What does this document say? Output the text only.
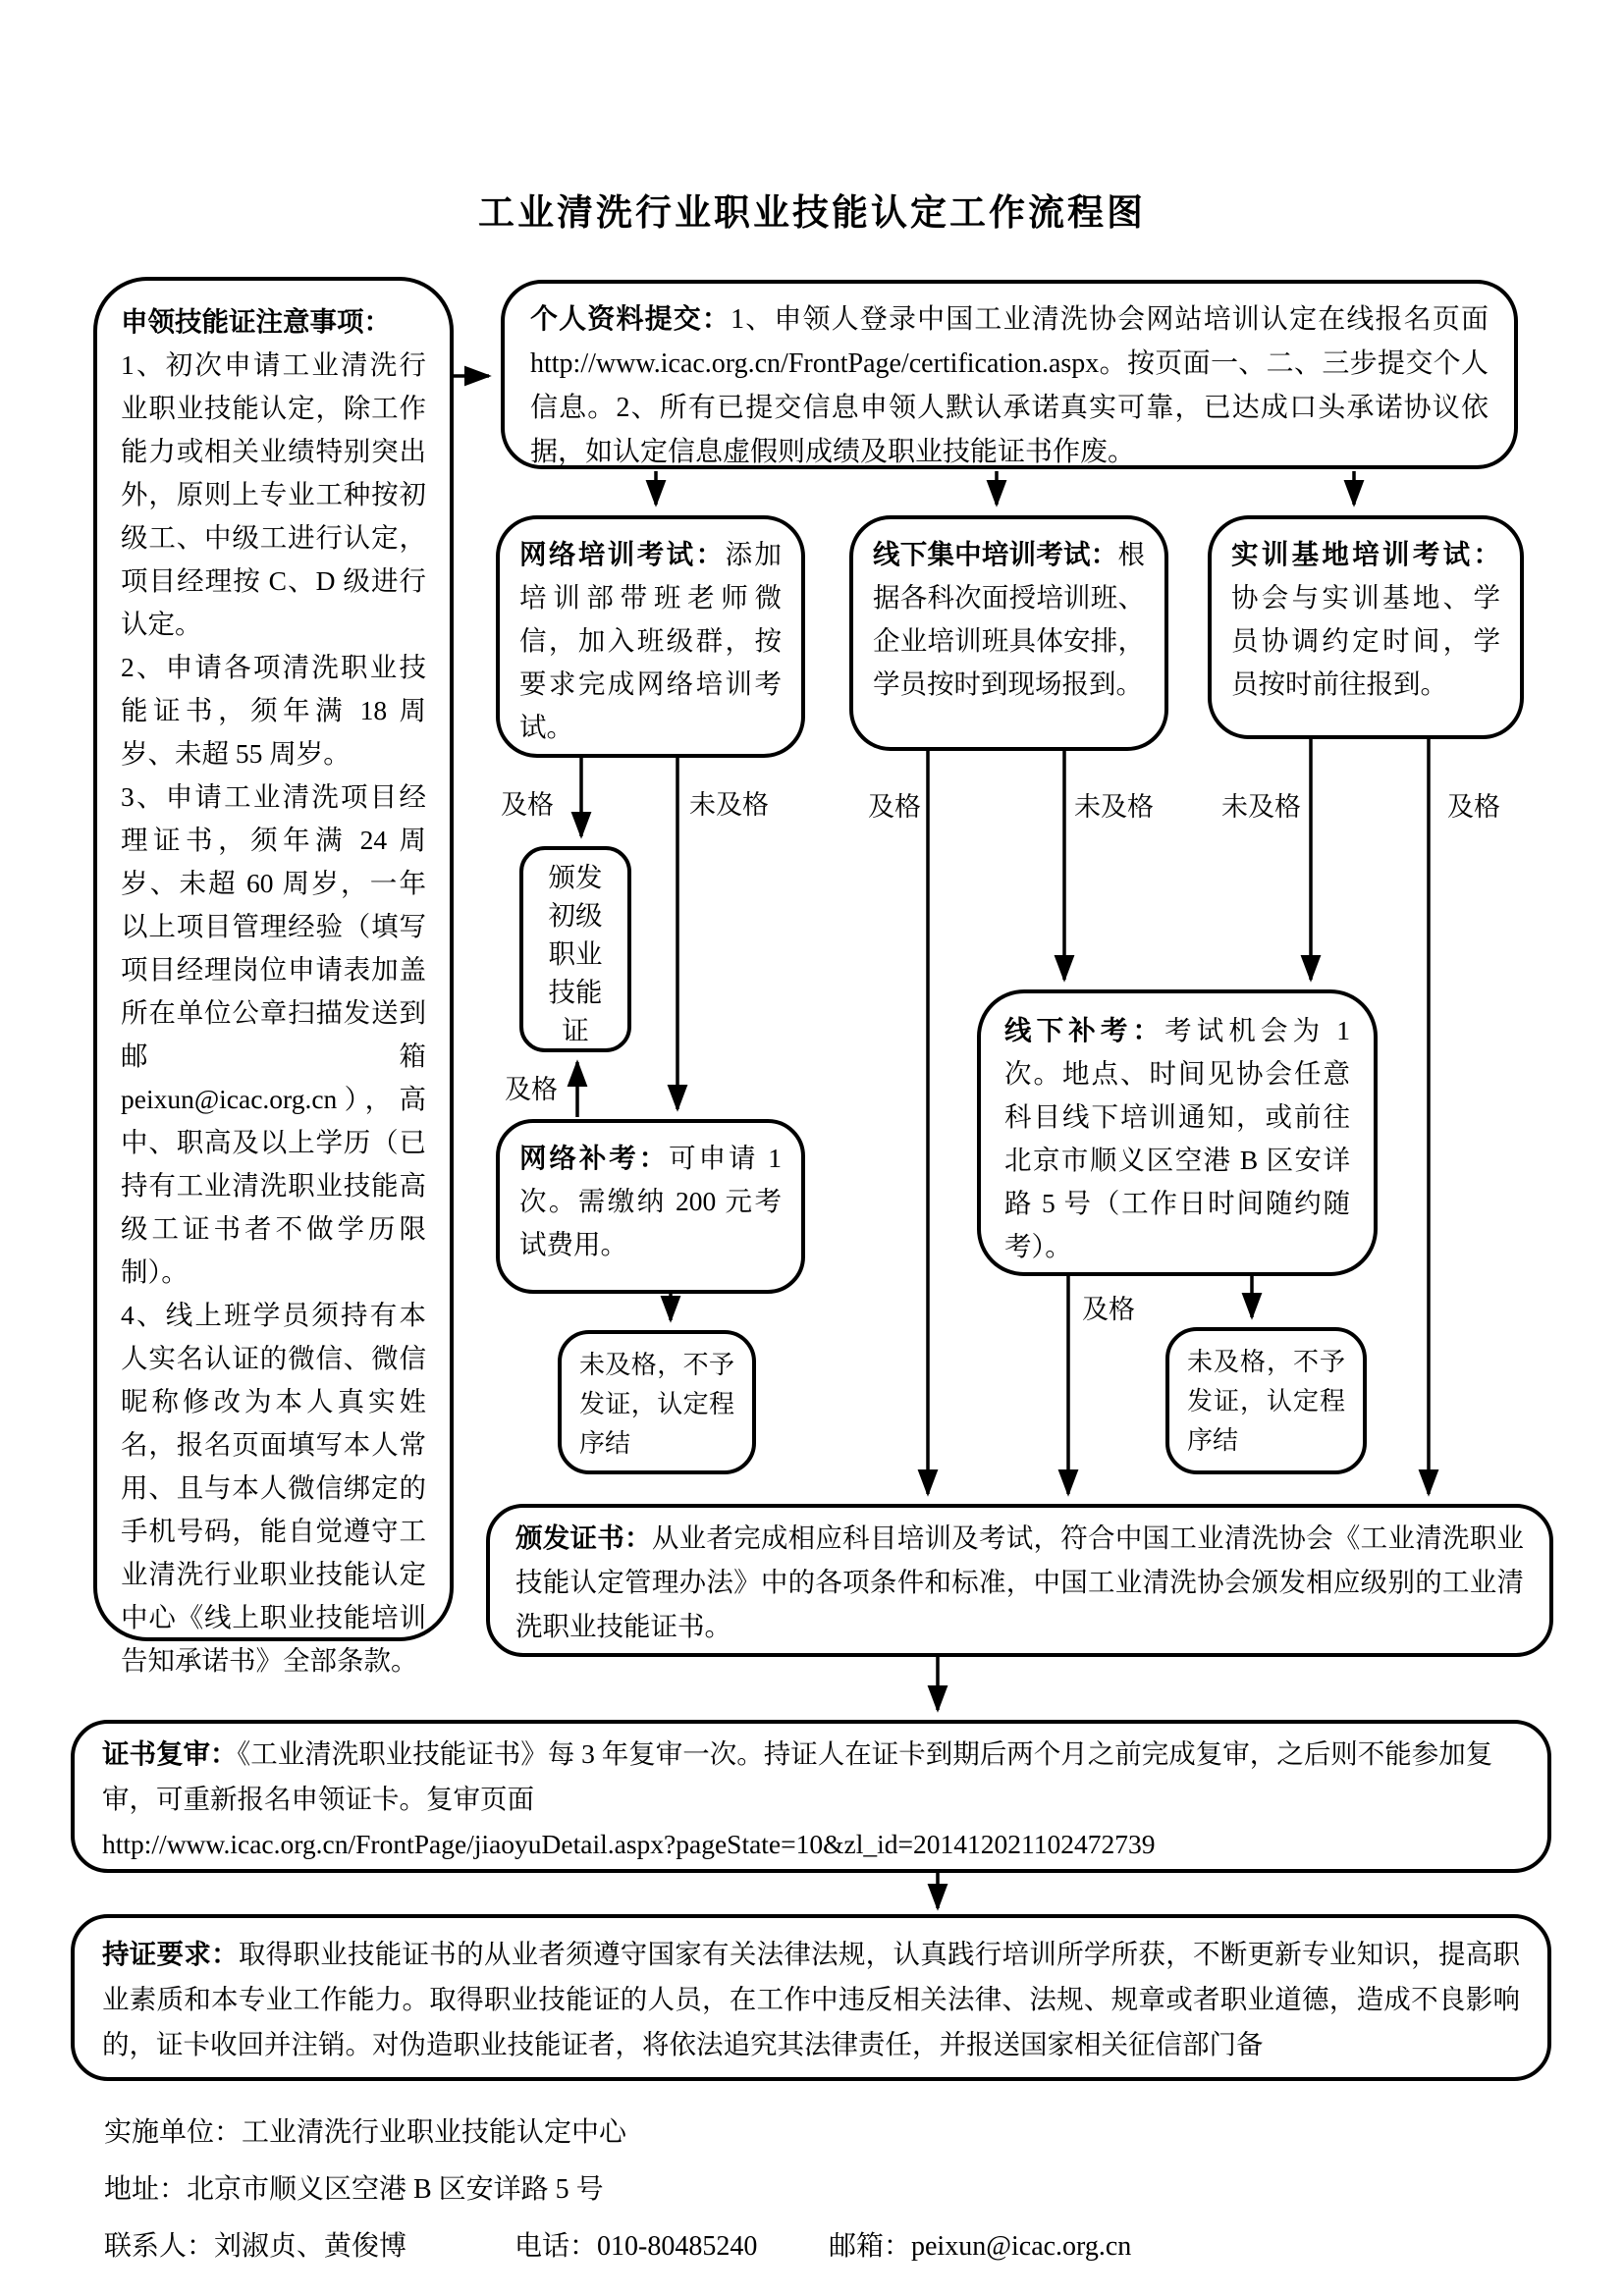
工业清洗行业职业技能认定工作流程图
申领技能证注意事项：
1、初次申请工业清洗行业职业技能认定，除工作能力或相关业绩特别突出外，原则上专业工种按初级工、中级工进行认定，项目经理按 C、D 级进行认定。
2、申请各项清洗职业技能证书，须年满 18 周岁、未超 55 周岁。
3、申请工业清洗项目经理证书，须年满 24 周岁、未超 60 周岁，一年以上项目管理经验（填写项目经理岗位申请表加盖所在单位公章扫描发送到邮箱 peixun@icac.org.cn），高中、职高及以上学历（已持有工业清洗职业技能高级工证书者不做学历限制）。
4、线上班学员须持有本人实名认证的微信、微信昵称修改为本人真实姓名，报名页面填写本人常用、且与本人微信绑定的手机号码，能自觉遵守工业清洗行业职业技能认定中心《线上职业技能培训告知承诺书》全部条款。
个人资料提交：1、申领人登录中国工业清洗协会网站培训认定在线报名页面 http://www.icac.org.cn/FrontPage/certification.aspx。按页面一、二、三步提交个人信息。2、所有已提交信息申领人默认承诺真实可靠，已达成口头承诺协议依据，如认定信息虚假则成绩及职业技能证书作废。
网络培训考试：添加培训部带班老师微信，加入班级群，按要求完成网络培训考试。
线下集中培训考试：根据各科次面授培训班、企业培训班具体安排，学员按时到现场报到。
实训基地培训考试：协会与实训基地、学员协调约定时间，学员按时前往报到。
及格	未及格	及格	未及格	未及格	及格
颁发
初级
职业
技能
证
及格
网络补考：可申请 1 次。需缴纳 200 元考试费用。
线下补考：考试机会为 1 次。地点、时间见协会任意科目线下培训通知，或前往北京市顺义区空港 B 区安详路 5 号（工作日时间随约随考）。
未及格，不予发证，认定程序结
及格
未及格，不予发证，认定程序结
颁发证书：从业者完成相应科目培训及考试，符合中国工业清洗协会《工业清洗职业技能认定管理办法》中的各项条件和标准，中国工业清洗协会颁发相应级别的工业清洗职业技能证书。
证书复审：《工业清洗职业技能证书》每 3 年复审一次。持证人在证卡到期后两个月之前完成复审，之后则不能参加复审，可重新报名申领证卡。复审页面
http://www.icac.org.cn/FrontPage/jiaoyuDetail.aspx?pageState=10&zl_id=201412021102472739
持证要求：取得职业技能证书的从业者须遵守国家有关法律法规，认真践行培训所学所获，不断更新专业知识，提高职业素质和本专业工作能力。取得职业技能证的人员，在工作中违反相关法律、法规、规章或者职业道德，造成不良影响的，证卡收回并注销。对伪造职业技能证者，将依法追究其法律责任，并报送国家相关征信部门备
实施单位：工业清洗行业职业技能认定中心
地址：北京市顺义区空港 B 区安详路 5 号
联系人：刘淑贞、黄俊博	电话：010-80485240	邮箱：peixun@icac.org.cn
